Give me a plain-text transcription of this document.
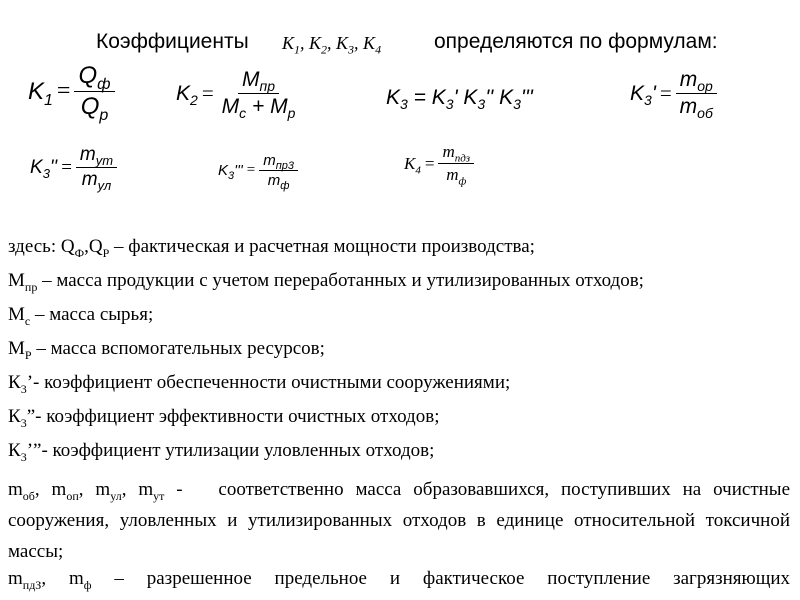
Коэффициенты $K_1$, $K_2$, $K_3$, $K_4$	определяются по формулам:
$K_1 = \frac{Q_ф}{Q_р}$	$K_2 = \frac{M_{пр}}{M_с + M_р}$	$K_3 = K_3'$ $K_3''$ $K_3'''$	$K_3' = \frac{m_{ор}}{m_{об}}$
$K_3'' = \frac{m_{ут}}{m_{ул}}$	$K_3''' = \frac{m_{пр3}}{m_ф}$	$K_4 = \frac{m_{пдз}}{m_ф}$
здесь: $Q_Ф,Q_Р$ – фактическая и расчетная мощности производства;
$М_{пр}$ – масса продукции с учетом переработанных и утилизированных отходов;
$М_с$ – масса сырья;
$М_Р$ – масса вспомогательных ресурсов;
$К_3’-$ коэффициент обеспеченности очистными сооружениями;
$К_3”-$ коэффициент эффективности очистных отходов;
$К_3’”-$ коэффициент утилизации уловленных отходов;
$m_{об}$, $m_{оп}$, $m_{ул}$, $m_{ут}$ -   соответственно масса образовавшихся, поступивших на очистные сооружения, уловленных и утилизированных отходов в единице относительной токсичной массы;
$m_{пдЗ}$, $m_ф$ – разрешенное предельное и фактическое поступление загрязняющих
